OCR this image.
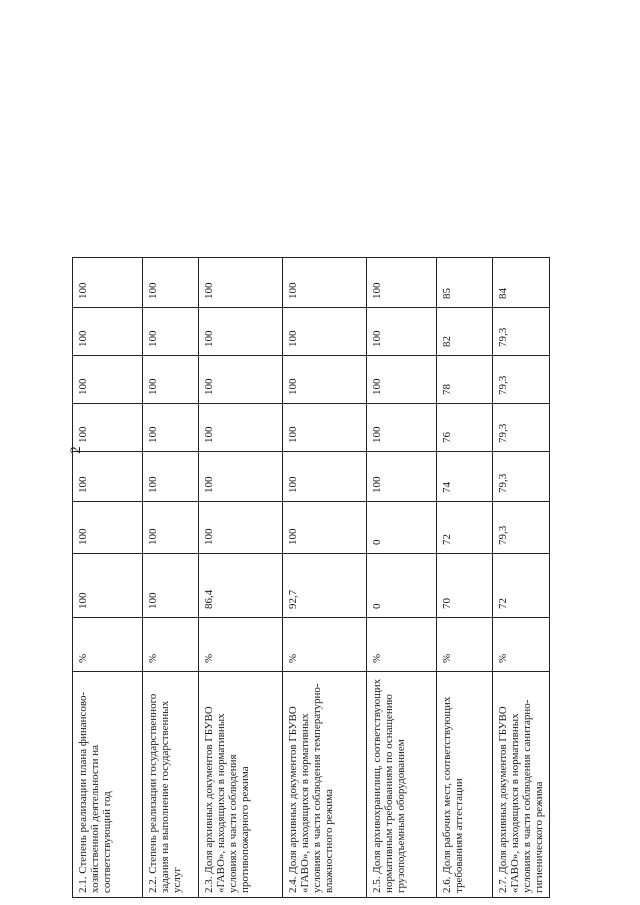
2
2.1. Степень реализации плана финансово-хозяйственной деятельности на соответствующий год	%	100	100	100	100	100	100	100
2.2. Степень реализации государственного задания на выполнение государственных услуг	%	100	100	100	100	100	100	100
2.3. Доля архивных документов ГБУВО «ГАВО», находящихся в нормативных условиях в части соблюдения противопожарного режима	%	86,4	100	100	100	100	100	100
2.4. Доля архивных документов ГБУВО «ГАВО», находящихся в нормативных условиях в части соблюдения температурно-влажностного режима	%	92,7	100	100	100	100	100	100
2.5. Доля архивохранилищ, соответствующих нормативным требованиям по оснащению грузоподъемным оборудованием	%	0	0	100	100	100	100	100
2.6. Доля рабочих мест, соответствующих требованиям аттестации	%	70	72	74	76	78	82	85
2.7. Доля архивных документов ГБУВО «ГАВО», находящихся в нормативных условиях в части соблюдения санитарно-гигиенического режима	%	72	79,3	79,3	79,3	79,3	79,3	84
